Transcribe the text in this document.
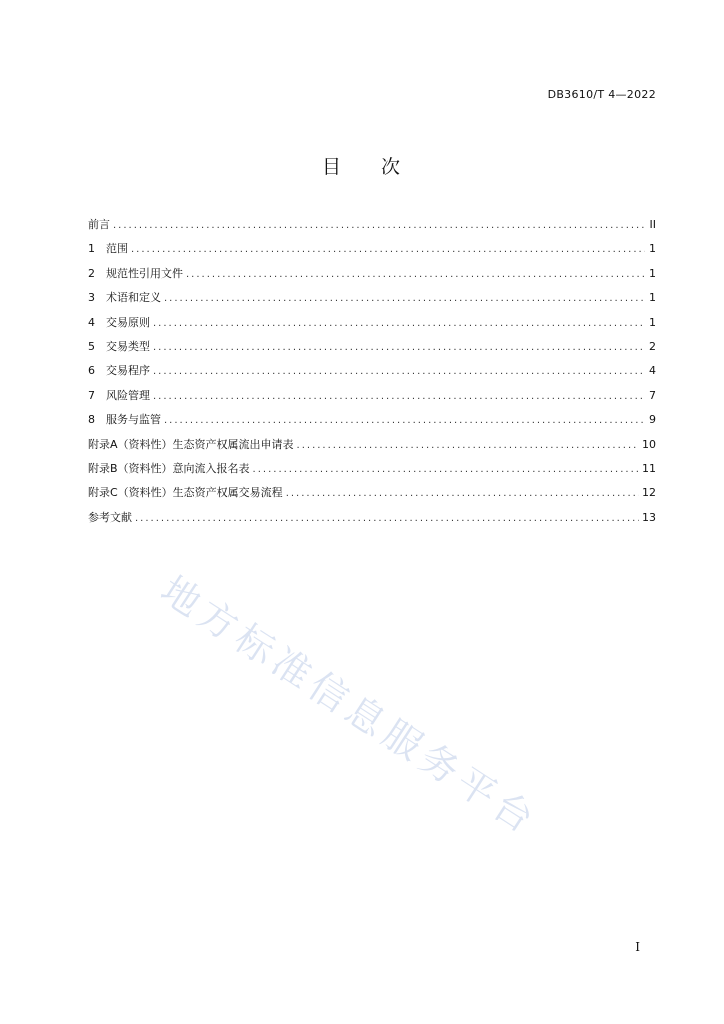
DB3610/T 4—2022
目 次
前言 .....	II
1	范围 .....	1
2	规范性引用文件 .....	1
3	术语和定义 .....	1
4	交易原则 .....	1
5	交易类型 .....	2
6	交易程序 .....	4
7	风险管理 .....	7
8	服务与监管 .....	9
附录A（资料性）生态资产权属流出申请表 .....	10
附录B（资料性）意向流入报名表 .....	11
附录C（资料性）生态资产权属交易流程 .....	12
参考文献 .....	13
地方标准信息服务平台
I
